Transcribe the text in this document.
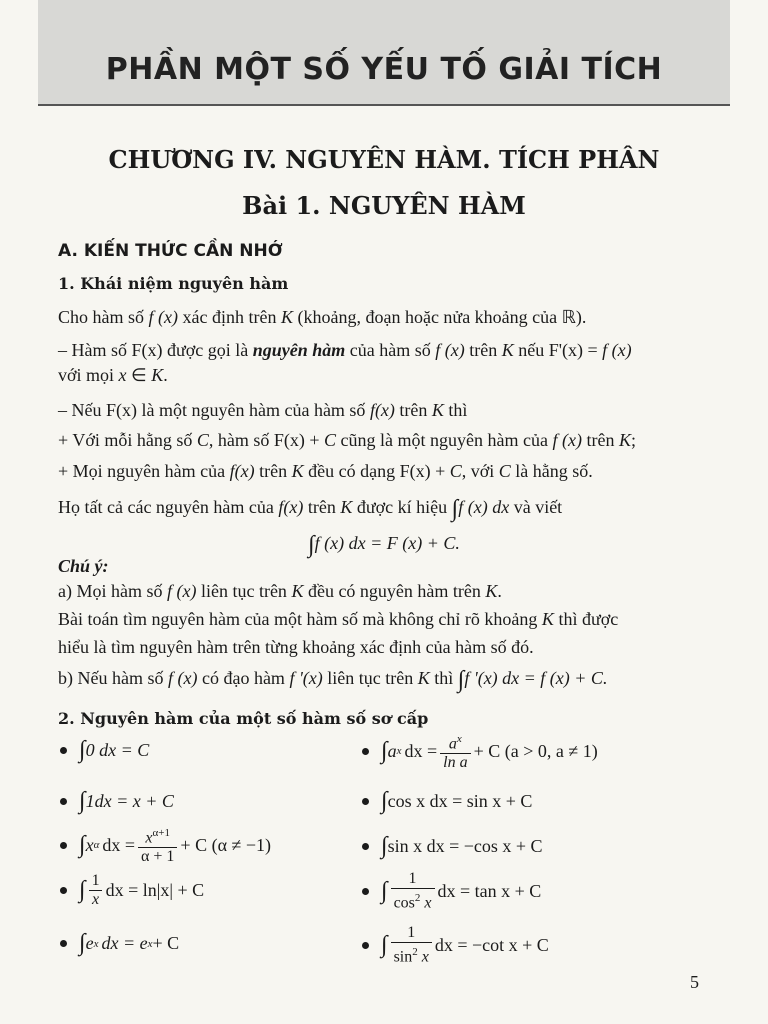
PHẦN MỘT SỐ YẾU TỐ GIẢI TÍCH
CHƯƠNG IV. NGUYÊN HÀM. TÍCH PHÂN
Bài 1. NGUYÊN HÀM
A. KIẾN THỨC CẦN NHỚ
1. Khái niệm nguyên hàm
Cho hàm số f (x) xác định trên K (khoảng, đoạn hoặc nửa khoảng của ℝ).
– Hàm số F(x) được gọi là nguyên hàm của hàm số f (x) trên K nếu F'(x) = f (x)
với mọi x ∈ K.
– Nếu F(x) là một nguyên hàm của hàm số f(x) trên K thì
+ Với mỗi hằng số C, hàm số F(x) + C cũng là một nguyên hàm của f (x) trên K;
+ Mọi nguyên hàm của f(x) trên K đều có dạng F(x) + C, với C là hằng số.
Họ tất cả các nguyên hàm của f(x) trên K được kí hiệu ∫f (x) dx và viết
∫f (x) dx = F (x) + C.
Chú ý:
a) Mọi hàm số f (x) liên tục trên K đều có nguyên hàm trên K.
Bài toán tìm nguyên hàm của một hàm số mà không chỉ rõ khoảng K thì được
hiểu là tìm nguyên hàm trên từng khoảng xác định của hàm số đó.
b) Nếu hàm số f (x) có đạo hàm f '(x) liên tục trên K thì ∫f '(x) dx = f (x) + C.
2. Nguyên hàm của một số hàm số sơ cấp
∫ 0 dx = C
∫ 1dx = x + C
∫ x α dx = $\frac{x^{\alpha+1}}{\alpha + 1} + C$ (α ≠ −1)
∫ $\frac{1}{x}$ dx = ln|x| + C
∫ e x dx = e x + C
∫ a x dx = $\frac{a^x}{\text{ln a}} + C$ (a > 0, a ≠ 1)
∫ cos x dx = sin x + C
∫ sin x dx = −cos x + C
∫ $\frac{1}{\cos^2 x}$ dx = tan x + C
∫ $\frac{1}{\sin^2 x}$ dx = −cot x + C
5
